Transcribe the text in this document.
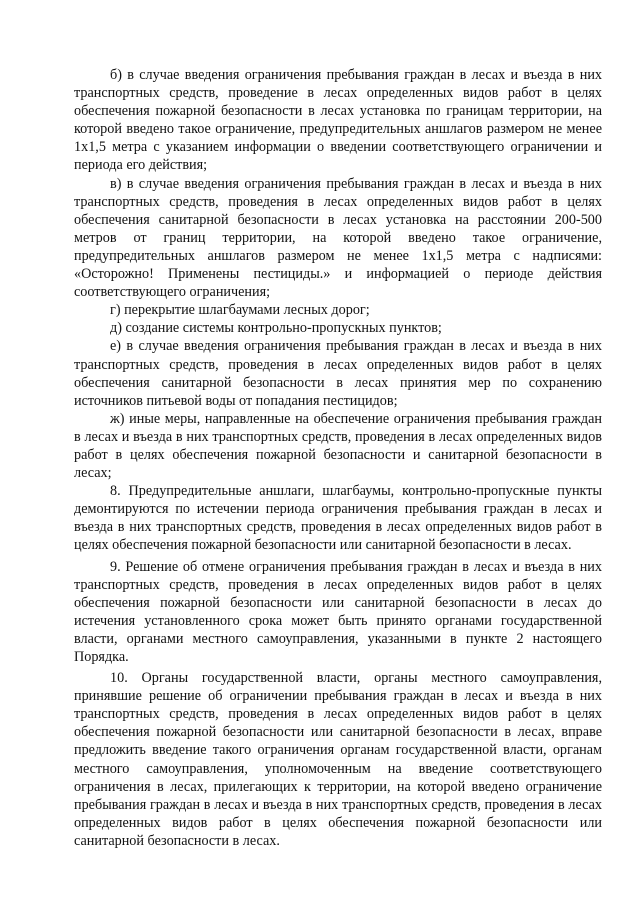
б) в случае введения ограничения пребывания граждан в лесах и въезда в них транспортных средств, проведение в лесах определенных видов работ в целях обеспечения пожарной безопасности в лесах установка по границам территории, на которой введено такое ограничение, предупредительных аншлагов размером не менее 1x1,5 метра с указанием информации о введении соответствующего ограничении и периода его действия;

в) в случае введения ограничения пребывания граждан в лесах и въезда в них транспортных средств, проведения в лесах определенных видов работ в целях обеспечения санитарной безопасности в лесах установка на расстоянии 200-500 метров от границ территории, на которой введено такое ограничение, предупредительных аншлагов размером не менее 1x1,5 метра с надписями: «Осторожно! Применены пестициды.» и информацией о периоде действия соответствующего ограничения;

г) перекрытие шлагбаумами лесных дорог;

д) создание системы контрольно-пропускных пунктов;

е) в случае введения ограничения пребывания граждан в лесах и въезда в них транспортных средств, проведения в лесах определенных видов работ в целях обеспечения санитарной безопасности в лесах принятия мер по сохранению источников питьевой воды от попадания пестицидов;

ж) иные меры, направленные на обеспечение ограничения пребывания граждан в лесах и въезда в них транспортных средств, проведения в лесах определенных видов работ в целях обеспечения пожарной безопасности и санитарной безопасности в лесах;

8. Предупредительные аншлаги, шлагбаумы, контрольно-пропускные пункты демонтируются по истечении периода ограничения пребывания граждан в лесах и въезда в них транспортных средств, проведения в лесах определенных видов работ в целях обеспечения пожарной безопасности или санитарной безопасности в лесах.

9. Решение об отмене ограничения пребывания граждан в лесах и въезда в них транспортных средств, проведения в лесах определенных видов работ в целях обеспечения пожарной безопасности или санитарной безопасности в лесах до истечения установленного срока может быть принято органами государственной власти, органами местного самоуправления, указанными в пункте 2 настоящего Порядка.

10. Органы государственной власти, органы местного самоуправления, принявшие решение об ограничении пребывания граждан в лесах и въезда в них транспортных средств, проведения в лесах определенных видов работ в целях обеспечения пожарной безопасности или санитарной безопасности в лесах, вправе предложить введение такого ограничения органам государственной власти, органам местного самоуправления, уполномоченным на введение соответствующего ограничения в лесах, прилегающих к территории, на которой введено ограничение пребывания граждан в лесах и въезда в них транспортных средств, проведения в лесах определенных видов работ в целях обеспечения пожарной безопасности или санитарной безопасности в лесах.
